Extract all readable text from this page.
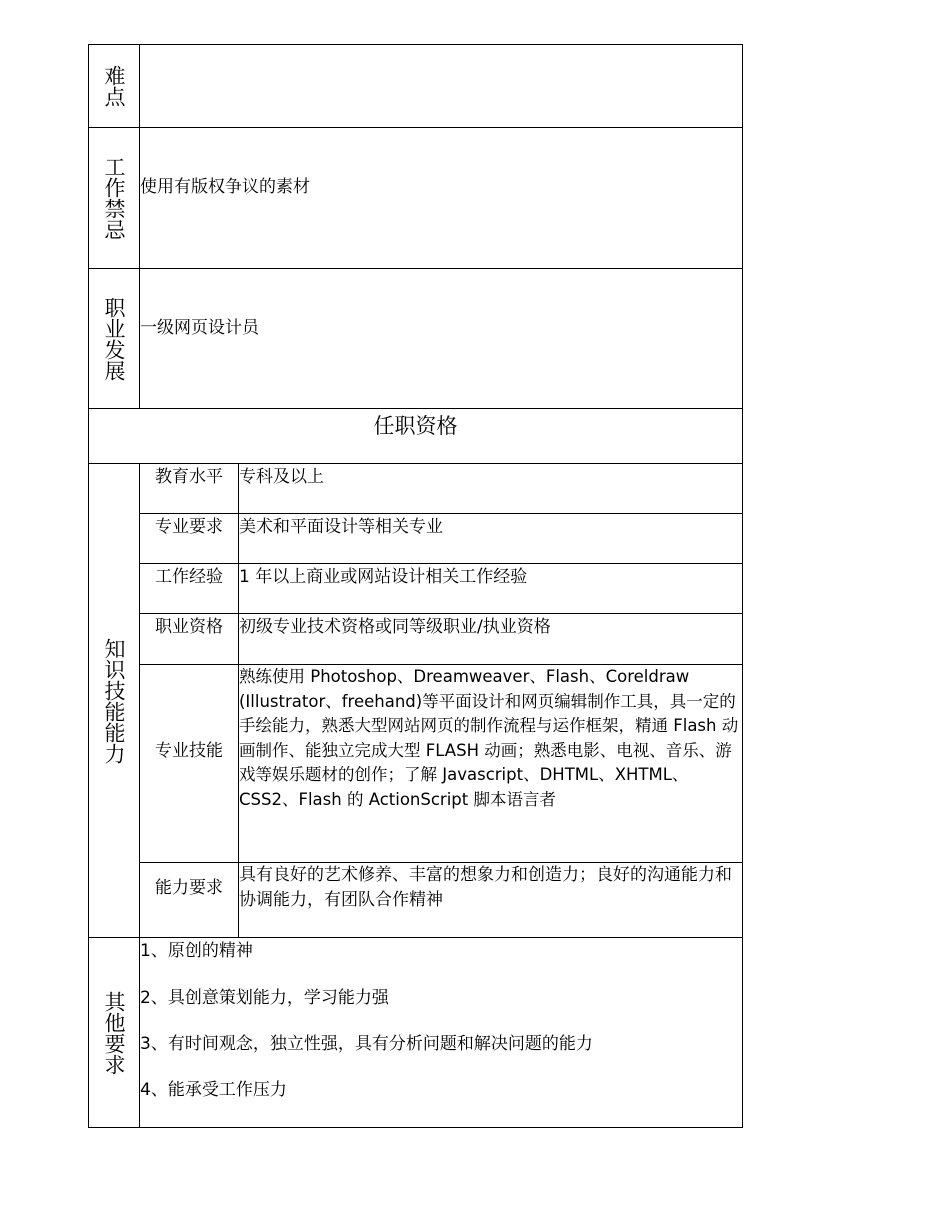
难点
工作禁忌 使用有版权争议的素材
职业发展 一级网页设计员
任职资格
知识技能能力
教育水平 专科及以上
专业要求 美术和平面设计等相关专业
工作经验 1 年以上商业或网站设计相关工作经验
职业资格 初级专业技术资格或同等级职业/执业资格
专业技能
熟练使用 Photoshop、Dreamweaver、Flash、Coreldraw (Illustrator、freehand)等平面设计和网页编辑制作工具，具一定的手绘能力，熟悉大型网站网页的制作流程与运作框架，精通 Flash 动画制作、能独立完成大型 FLASH 动画；熟悉电影、电视、音乐、游戏等娱乐题材的创作；了解 Javascript、DHTML、XHTML、CSS2、Flash 的 ActionScript 脚本语言者
能力要求
具有良好的艺术修养、丰富的想象力和创造力；良好的沟通能力和协调能力，有团队合作精神
其他要求
1、原创的精神
2、具创意策划能力，学习能力强
3、有时间观念，独立性强，具有分析问题和解决问题的能力
4、能承受工作压力
